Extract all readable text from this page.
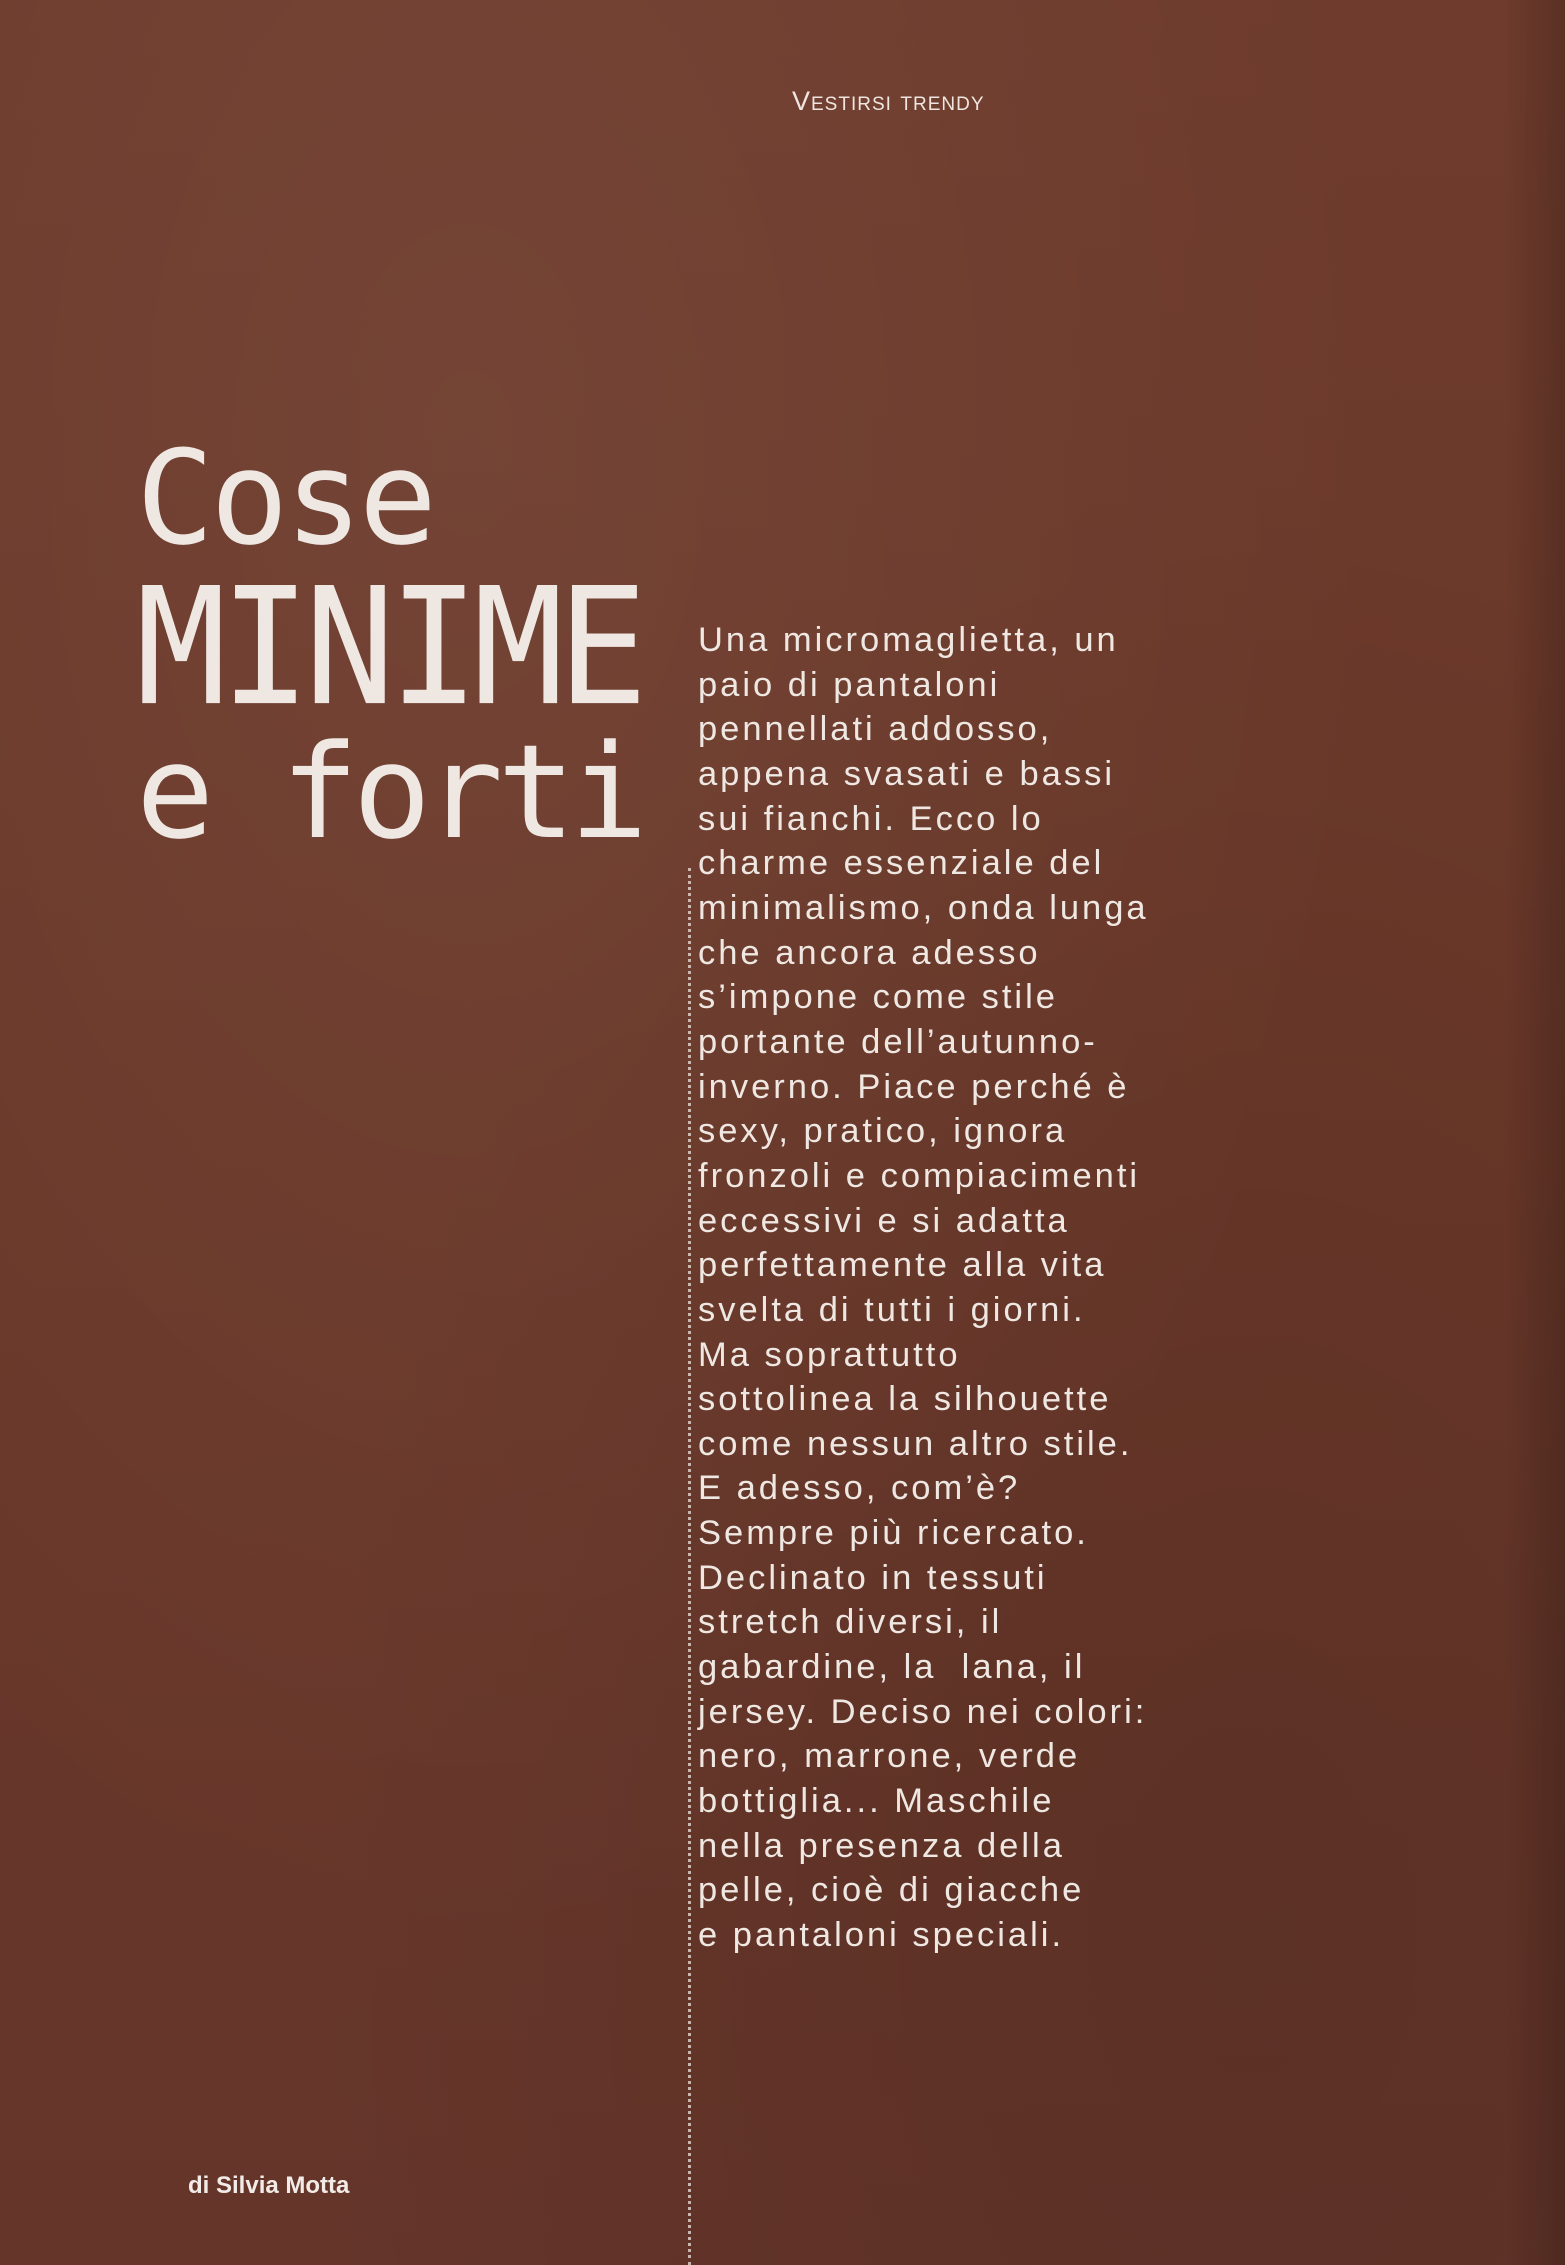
Vestirsi trendy
Cose
MINIME
e forti

Una micromaglietta, un
paio di pantaloni
pennellati addosso,
appena svasati e bassi
sui fianchi. Ecco lo
charme essenziale del
minimalismo, onda lunga
che ancora adesso
s’impone come stile
portante dell’autunno-
inverno. Piace perché è
sexy, pratico, ignora
fronzoli e compiacimenti
eccessivi e si adatta
perfettamente alla vita
svelta di tutti i giorni.
Ma soprattutto
sottolinea la silhouette
come nessun altro stile.
E adesso, com’è?
Sempre più ricercato.
Declinato in tessuti
stretch diversi, il
gabardine, la  lana, il
jersey. Deciso nei colori:
nero, marrone, verde
bottiglia... Maschile
nella presenza della
pelle, cioè di giacche
e pantaloni speciali.

di Silvia Motta
